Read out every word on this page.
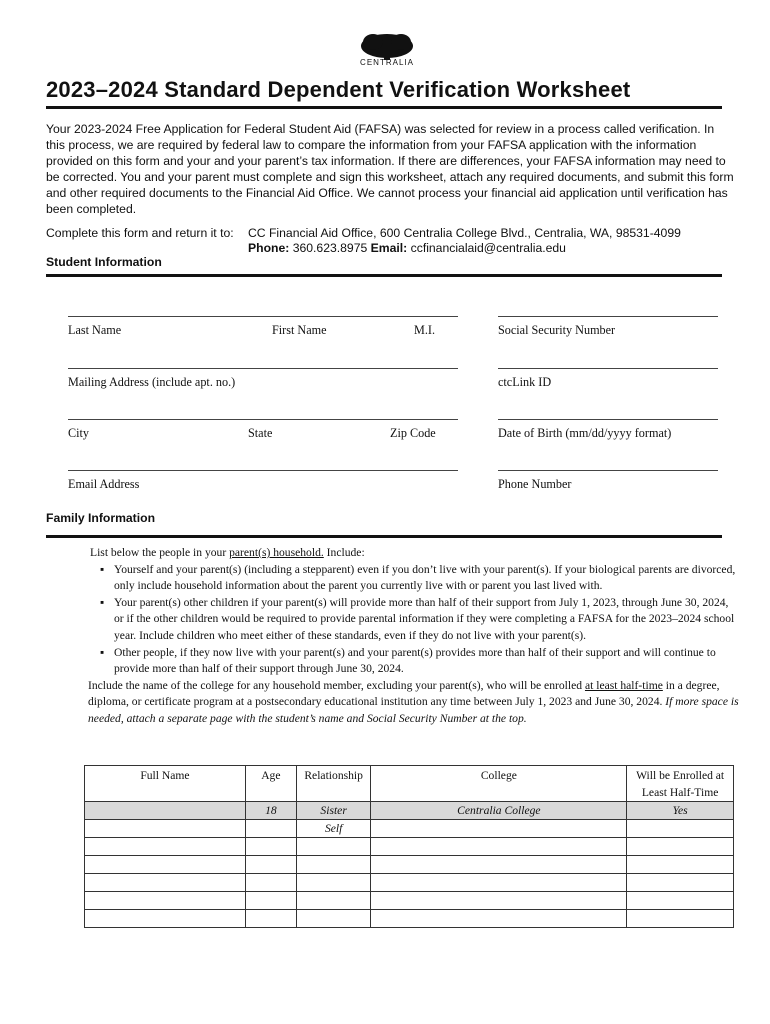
CENTRALIA
2023–2024 Standard Dependent Verification Worksheet

Your 2023-2024 Free Application for Federal Student Aid (FAFSA) was selected for review in a process called verification. In this process, we are required by federal law to compare the information from your FAFSA application with the information provided on this form and your and your parent’s tax information. If there are differences, your FAFSA information may need to be corrected. You and your parent must complete and sign this worksheet, attach any required documents, and submit this form and other required documents to the Financial Aid Office. We cannot process your financial aid application until verification has been completed.

Complete this form and return it to: CC Financial Aid Office, 600 Centralia College Blvd., Centralia, WA, 98531-4099
Phone: 360.623.8975 Email: ccfinancialaid@centralia.edu
Student Information
Last Name	First Name	M.I.	Social Security Number
Mailing Address (include apt. no.)	ctcLink ID
City	State	Zip Code	Date of Birth (mm/dd/yyyy format)
Email Address	Phone Number
Family Information

List below the people in your parent(s) household. Include:

▪ Yourself and your parent(s) (including a stepparent) even if you don’t live with your parent(s). If your biological parents are divorced, only include household information about the parent you currently live with or parent you last lived with.
▪ Your parent(s) other children if your parent(s) will provide more than half of their support from July 1, 2023, through June 30, 2024, or if the other children would be required to provide parental information if they were completing a FAFSA for the 2023–2024 school year. Include children who meet either of these standards, even if they do not live with your parent(s).
▪ Other people, if they now live with your parent(s) and your parent(s) provides more than half of their support and will continue to provide more than half of their support through June 30, 2024.

Include the name of the college for any household member, excluding your parent(s), who will be enrolled at least half-time in a degree, diploma, or certificate program at a postsecondary educational institution any time between July 1, 2023 and June 30, 2024. If more space is needed, attach a separate page with the student’s name and Social Security Number at the top.

Full Name	Age	Relationship	College	Will be Enrolled at Least Half-Time
	18	Sister	Centralia College	Yes
		Self		
